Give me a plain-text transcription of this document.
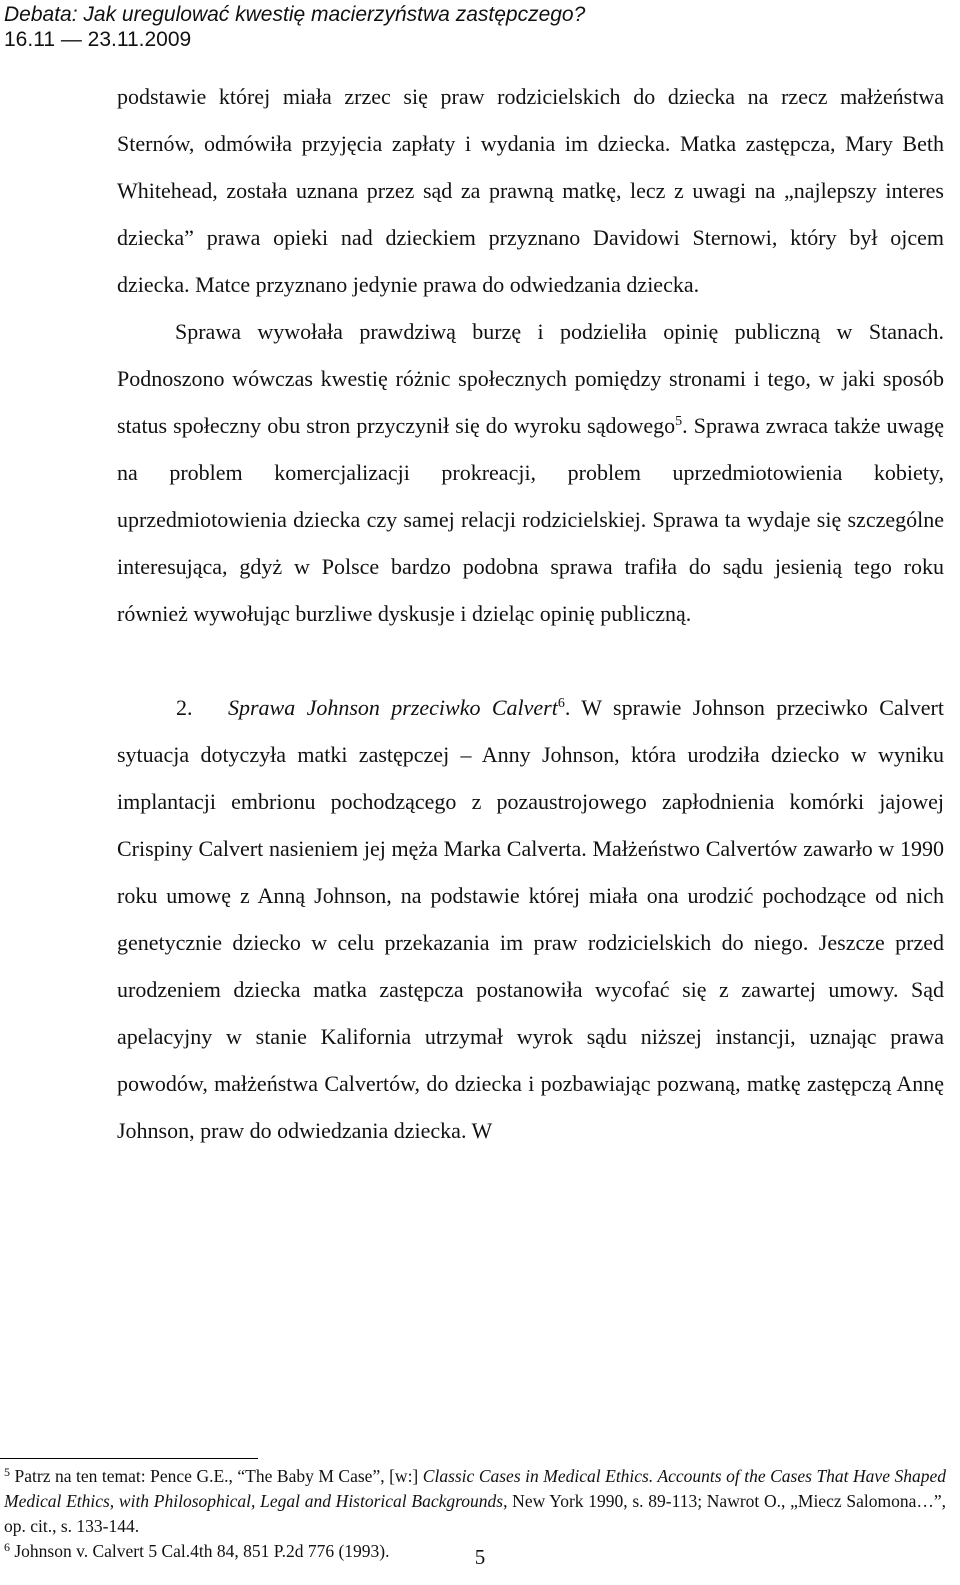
Debata: Jak uregulować kwestię macierzyństwa zastępczego?
16.11 — 23.11.2009

podstawie której miała zrzec się praw rodzicielskich do dziecka na rzecz małżeństwa Sternów, odmówiła przyjęcia zapłaty i wydania im dziecka. Matka zastępcza, Mary Beth Whitehead, została uznana przez sąd za prawną matkę, lecz z uwagi na „najlepszy interes dziecka” prawa opieki nad dzieckiem przyznano Davidowi Sternowi, który był ojcem dziecka. Matce przyznano jedynie prawa do odwiedzania dziecka.

Sprawa wywołała prawdziwą burzę i podzieliła opinię publiczną w Stanach. Podnoszono wówczas kwestię różnic społecznych pomiędzy stronami i tego, w jaki sposób status społeczny obu stron przyczynił się do wyroku sądowego$^5$. Sprawa zwraca także uwagę na problem komercjalizacji prokreacji, problem uprzedmiotowienia kobiety, uprzedmiotowienia dziecka czy samej relacji rodzicielskiej. Sprawa ta wydaje się szczególne interesująca, gdyż w Polsce bardzo podobna sprawa trafiła do sądu jesienią tego roku również wywołując burzliwe dyskusje i dzieląc opinię publiczną.

2. Sprawa Johnson przeciwko Calvert$^6$. W sprawie Johnson przeciwko Calvert sytuacja dotyczyła matki zastępczej – Anny Johnson, która urodziła dziecko w wyniku implantacji embrionu pochodzącego z pozaustrojowego zapłodnienia komórki jajowej Crispiny Calvert nasieniem jej męża Marka Calverta. Małżeństwo Calvertów zawarło w 1990 roku umowę z Anną Johnson, na podstawie której miała ona urodzić pochodzące od nich genetycznie dziecko w celu przekazania im praw rodzicielskich do niego. Jeszcze przed urodzeniem dziecka matka zastępcza postanowiła wycofać się z zawartej umowy. Sąd apelacyjny w stanie Kalifornia utrzymał wyrok sądu niższej instancji, uznając prawa powodów, małżeństwa Calvertów, do dziecka i pozbawiając pozwaną, matkę zastępczą Annę Johnson, praw do odwiedzania dziecka. W

$^5$ Patrz na ten temat: Pence G.E., “The Baby M Case”, [w:] Classic Cases in Medical Ethics. Accounts of the Cases That Have Shaped Medical Ethics, with Philosophical, Legal and Historical Backgrounds, New York 1990, s. 89-113; Nawrot O., „Miecz Salomona…”, op. cit., s. 133-144.

$^6$ Johnson v. Calvert 5 Cal.4th 84, 851 P.2d 776 (1993).	5
